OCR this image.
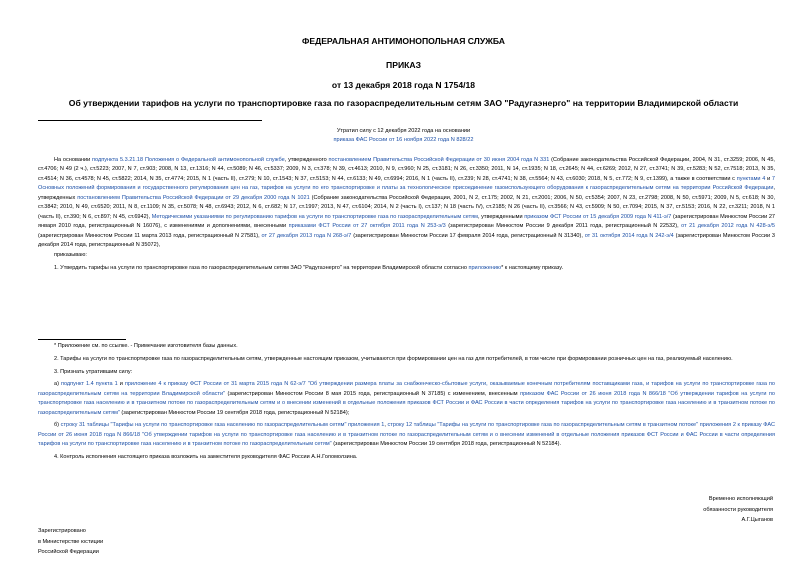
ФЕДЕРАЛЬНАЯ АНТИМОНОПОЛЬНАЯ СЛУЖБА
ПРИКАЗ
от 13 декабря 2018 года N 1754/18
Об утверждении тарифов на услуги по транспортировке газа по газораспределительным сетям ЗАО "Радугаэнерго" на территории Владимирской области
Утратил силу с 12 декабря 2022 года на основании
приказа ФАС России от 16 ноября 2022 года N 828/22

На основании подпункта 5.3.21.18 Положения о Федеральной антимонопольной службе, утвержденного постановлением Правительства Российской Федерации от 30 июня 2004 года N 331 (Собрание законодательства Российской Федерации, 2004, N 31, ст.3259; 2006, N 45, ст.4706; N 49 (2 ч.), ст.5223; 2007, N 7, ст.903; 2008, N 13, ст.1316; N 44, ст.5089; N 46, ст.5337; 2009, N 3, ст.378; N 39, ст.4613; 2010, N 9, ст.960; N 25, ст.3181; N 26, ст.3350; 2011, N 14, ст.1935; N 18, ст.2645; N 44, ст.6269; 2012, N 27, ст.3741; N 39, ст.5283; N 52, ст.7518; 2013, N 35, ст.4514; N 36, ст.4578; N 45, ст.5822; 2014, N 35, ст.4774; 2015, N 1 (часть II), ст.279; N 10, ст.1543; N 37, ст.5153; N 44, ст.6133; N 49, ст.6994; 2016, N 1 (часть II), ст.239; N 28, ст.4741; N 38, ст.5564; N 43, ст.6030; 2018, N 5, ст.772; N 9, ст.1399), а также в соответствии с пунктами 4 и 7 Основных положений формирования и государственного регулирования цен на газ, тарифов на услуги по его транспортировке и платы за технологическое присоединение газоиспользующего оборудования к газораспределительным сетям на территории Российской Федерации, утвержденных постановлением Правительства Российской Федерации от 29 декабря 2000 года N 1021 (Собрание законодательства Российской Федерации, 2001, N 2, ст.175; 2002, N 21, ст.2001; 2006, N 50, ст.5354; 2007, N 23, ст.2798; 2008, N 50, ст.5971; 2009, N 5, ст.618; N 30, ст.3842; 2010, N 49, ст.6520; 2011, N 8, ст.1109; N 35, ст.5078; N 48, ст.6943; 2012, N 6, ст.682; N 17, ст.1997; 2013, N 47, ст.6104; 2014, N 2 (часть I), ст.137; N 18 (часть IV), ст.2185; N 26 (часть II), ст.3566; N 43, ст.5909; N 50, ст.7094; 2015, N 37, ст.5153; 2016, N 22, ст.3211; 2018, N 1 (часть II), ст.390; N 6, ст.897; N 45, ст.6942), Методическими указаниями по регулированию тарифов на услуги по транспортировке газа по газораспределительным сетям, утвержденными приказом ФСТ России от 15 декабря 2009 года N 411-э/7 (зарегистрирован Минюстом России 27 января 2010 года, регистрационный N 16076), с изменениями и дополнениями, внесенными приказами ФСТ России от 27 октября 2011 года N 253-э/3 (зарегистрирован Минюстом России 9 декабря 2011 года, регистрационный N 22532), от 21 декабря 2012 года N 428-э/5 (зарегистрирован Минюстом России 11 марта 2013 года, регистрационный N 27581), от 27 декабря 2013 года N 268-э/7 (зарегистрирован Минюстом России 17 февраля 2014 года, регистрационный N 31340), от 31 октября 2014 года N 242-э/4 (зарегистрирован Минюстом России 3 декабря 2014 года, регистрационный N 35072),

приказываю:

1. Утвердить тарифы на услуги по транспортировке газа по газораспределительным сетям ЗАО "Радугаэнерго" на территории Владимирской области согласно приложению* к настоящему приказу.

* Приложение см. по ссылке. - Примечание изготовителя базы данных.

2. Тарифы на услуги по транспортировке газа по газораспределительным сетям, утвержденные настоящим приказом, учитываются при формировании цен на газ для потребителей, в том числе при формировании розничных цен на газ, реализуемый населению.

3. Признать утратившим силу:

а) подпункт 1.4 пункта 1 и приложение 4 к приказу ФСТ России от 31 марта 2015 года N 62-э/7 "Об утверждении размера платы за снабженческо-сбытовые услуги, оказываемые конечным потребителям поставщиками газа, и тарифов на услуги по транспортировке газа по газораспределительным сетям на территории Владимирской области" (зарегистрирован Минюстом России 8 мая 2015 года, регистрационный N 37185) с изменением, внесенным приказом ФАС России от 26 июня 2018 года N 866/18 "Об утверждении тарифов на услуги по транспортировке газа населению и в транзитном потоке по газораспределительным сетям и о внесении изменений в отдельные положения приказов ФСТ России и ФАС России в части определения тарифов на услуги по транспортировке газа населению и в транзитном потоке по газораспределительным сетям" (зарегистрирован Минюстом России 19 сентября 2018 года, регистрационный N 52184);

б) строку 31 таблицы "Тарифы на услуги по транспортировке газа населению по газораспределительным сетям" приложения 1, строку 12 таблицы "Тарифы на услуги по транспортировке газа по газораспределительным сетям в транзитном потоке" приложения 2 к приказу ФАС России от 26 июня 2018 года N 866/18 "Об утверждении тарифов на услуги по транспортировке газа населению и в транзитном потоке по газораспределительным сетям и о внесении изменений в отдельные положения приказов ФСТ России и ФАС России в части определения тарифов на услуги по транспортировке газа населению и в транзитном потоке по газораспределительным сетям" (зарегистрирован Минюстом России 19 сентября 2018 года, регистрационный N 52184).

4. Контроль исполнения настоящего приказа возложить на заместителя руководителя ФАС России А.Н.Голомолзина.

Временно исполняющий
обязанности руководителя
А.Г.Цыганов
Зарегистрировано
в Министерстве юстиции
Российской Федерации
